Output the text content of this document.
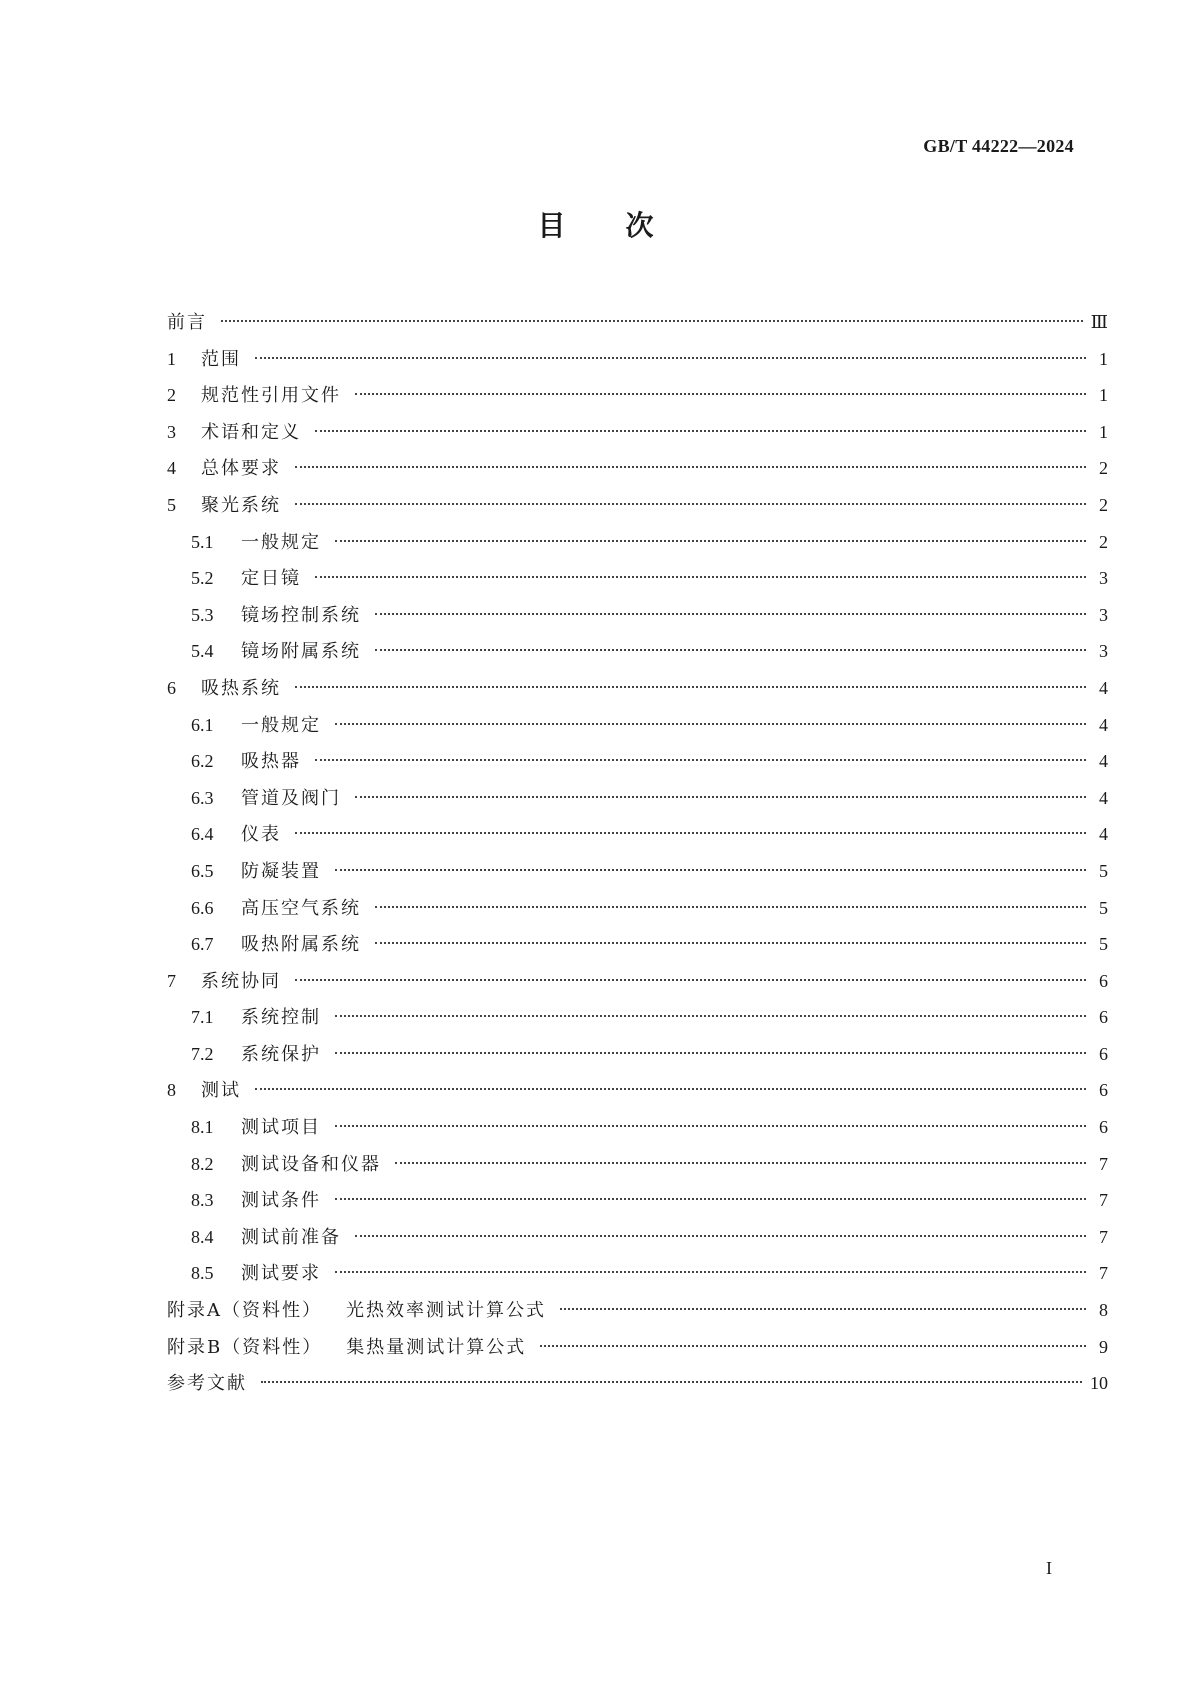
GB/T 44222—2024
目次
前言	Ⅲ
1	范围	1
2	规范性引用文件	1
3	术语和定义	1
4	总体要求	2
5	聚光系统	2
5.1	一般规定	2
5.2	定日镜	3
5.3	镜场控制系统	3
5.4	镜场附属系统	3
6	吸热系统	4
6.1	一般规定	4
6.2	吸热器	4
6.3	管道及阀门	4
6.4	仪表	4
6.5	防凝装置	5
6.6	高压空气系统	5
6.7	吸热附属系统	5
7	系统协同	6
7.1	系统控制	6
7.2	系统保护	6
8	测试	6
8.1	测试项目	6
8.2	测试设备和仪器	7
8.3	测试条件	7
8.4	测试前准备	7
8.5	测试要求	7
附录A（资料性） 光热效率测试计算公式	8
附录B（资料性） 集热量测试计算公式	9
参考文献	10
I
